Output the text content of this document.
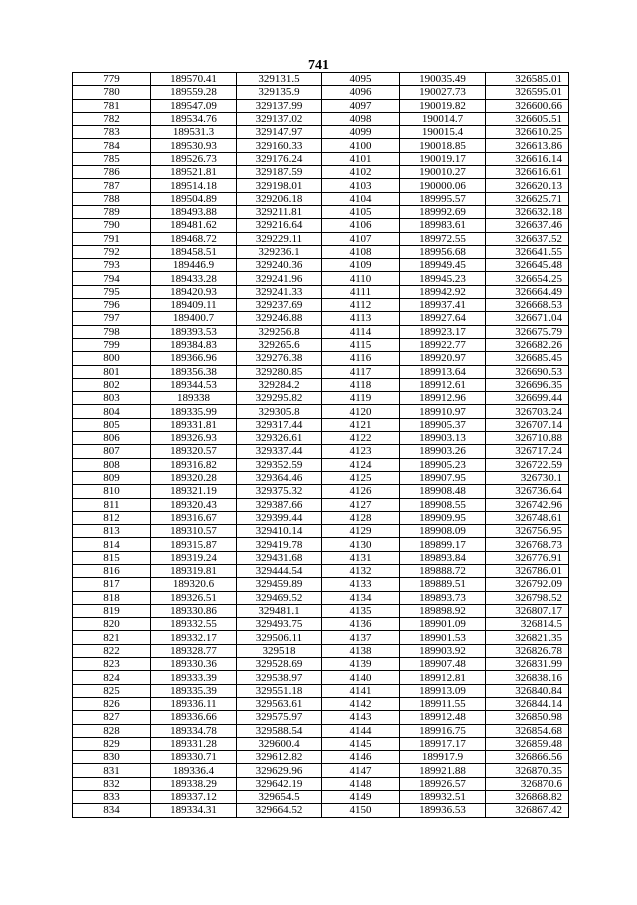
741
779	189570.41	329131.5	4095	190035.49	326585.01
780	189559.28	329135.9	4096	190027.73	326595.01
781	189547.09	329137.99	4097	190019.82	326600.66
782	189534.76	329137.02	4098	190014.7	326605.51
783	189531.3	329147.97	4099	190015.4	326610.25
784	189530.93	329160.33	4100	190018.85	326613.86
785	189526.73	329176.24	4101	190019.17	326616.14
786	189521.81	329187.59	4102	190010.27	326616.61
787	189514.18	329198.01	4103	190000.06	326620.13
788	189504.89	329206.18	4104	189995.57	326625.71
789	189493.88	329211.81	4105	189992.69	326632.18
790	189481.62	329216.64	4106	189983.61	326637.46
791	189468.72	329229.11	4107	189972.55	326637.52
792	189458.51	329236.1	4108	189956.68	326641.55
793	189446.9	329240.36	4109	189949.45	326645.48
794	189433.28	329241.96	4110	189945.23	326654.25
795	189420.93	329241.33	4111	189942.92	326664.49
796	189409.11	329237.69	4112	189937.41	326668.53
797	189400.7	329246.88	4113	189927.64	326671.04
798	189393.53	329256.8	4114	189923.17	326675.79
799	189384.83	329265.6	4115	189922.77	326682.26
800	189366.96	329276.38	4116	189920.97	326685.45
801	189356.38	329280.85	4117	189913.64	326690.53
802	189344.53	329284.2	4118	189912.61	326696.35
803	189338	329295.82	4119	189912.96	326699.44
804	189335.99	329305.8	4120	189910.97	326703.24
805	189331.81	329317.44	4121	189905.37	326707.14
806	189326.93	329326.61	4122	189903.13	326710.88
807	189320.57	329337.44	4123	189903.26	326717.24
808	189316.82	329352.59	4124	189905.23	326722.59
809	189320.28	329364.46	4125	189907.95	326730.1
810	189321.19	329375.32	4126	189908.48	326736.64
811	189320.43	329387.66	4127	189908.55	326742.96
812	189316.67	329399.44	4128	189909.95	326748.61
813	189310.57	329410.14	4129	189908.09	326756.95
814	189315.87	329419.78	4130	189899.17	326768.73
815	189319.24	329431.68	4131	189893.84	326776.91
816	189319.81	329444.54	4132	189888.72	326786.01
817	189320.6	329459.89	4133	189889.51	326792.09
818	189326.51	329469.52	4134	189893.73	326798.52
819	189330.86	329481.1	4135	189898.92	326807.17
820	189332.55	329493.75	4136	189901.09	326814.5
821	189332.17	329506.11	4137	189901.53	326821.35
822	189328.77	329518	4138	189903.92	326826.78
823	189330.36	329528.69	4139	189907.48	326831.99
824	189333.39	329538.97	4140	189912.81	326838.16
825	189335.39	329551.18	4141	189913.09	326840.84
826	189336.11	329563.61	4142	189911.55	326844.14
827	189336.66	329575.97	4143	189912.48	326850.98
828	189334.78	329588.54	4144	189916.75	326854.68
829	189331.28	329600.4	4145	189917.17	326859.48
830	189330.71	329612.82	4146	189917.9	326866.56
831	189336.4	329629.96	4147	189921.88	326870.35
832	189338.29	329642.19	4148	189926.57	326870.6
833	189337.12	329654.5	4149	189932.51	326868.82
834	189334.31	329664.52	4150	189936.53	326867.42
